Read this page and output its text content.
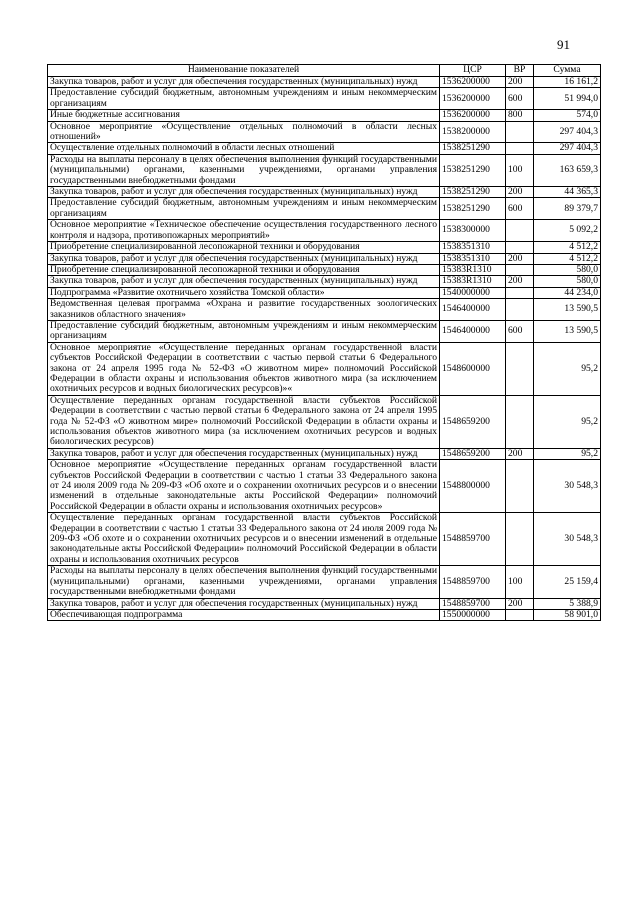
91
Наименование показателей	ЦСР	ВР	Сумма
Закупка товаров, работ и услуг для обеспечения государственных (муниципальных) нужд	1536200000	200	16 161,2
Предоставление субсидий бюджетным, автономным учреждениям и иным некоммерческим организациям	1536200000	600	51 994,0
Иные бюджетные ассигнования	1536200000	800	574,0
Основное мероприятие «Осуществление отдельных полномочий в области лесных отношений»	1538200000		297 404,3
Осуществление отдельных полномочий в области лесных отношений	1538251290		297 404,3
Расходы на выплаты персоналу в целях обеспечения выполнения функций государственными (муниципальными) органами, казенными учреждениями, органами управления государственными внебюджетными фондами	1538251290	100	163 659,3
Закупка товаров, работ и услуг для обеспечения государственных (муниципальных) нужд	1538251290	200	44 365,3
Предоставление субсидий бюджетным, автономным учреждениям и иным некоммерческим организациям	1538251290	600	89 379,7
Основное мероприятие «Техническое обеспечение осуществления государственного лесного контроля и надзора, противопожарных мероприятий»	1538300000		5 092,2
Приобретение специализированной лесопожарной техники и оборудования	1538351310		4 512,2
Закупка товаров, работ и услуг для обеспечения государственных (муниципальных) нужд	1538351310	200	4 512,2
Приобретение специализированной лесопожарной техники и оборудования	15383R1310		580,0
Закупка товаров, работ и услуг для обеспечения государственных (муниципальных) нужд	15383R1310	200	580,0
Подпрограмма «Развитие охотничьего хозяйства Томской области»	1540000000		44 234,0
Ведомственная целевая программа «Охрана и развитие государственных зоологических заказников областного значения»	1546400000		13 590,5
Предоставление субсидий бюджетным, автономным учреждениям и иным некоммерческим организациям	1546400000	600	13 590,5
Основное мероприятие «Осуществление переданных органам государственной власти субъектов Российской Федерации в соответствии с частью первой статьи 6 Федерального закона от 24 апреля 1995 года № 52-ФЗ «О животном мире» полномочий Российской Федерации в области охраны и использования объектов животного мира (за исключением охотничьих ресурсов и водных биологических ресурсов)»«	1548600000		95,2
Осуществление переданных органам государственной власти субъектов Российской Федерации в соответствии с частью первой статьи 6 Федерального закона от 24 апреля 1995 года № 52-ФЗ «О животном мире» полномочий Российской Федерации в области охраны и использования объектов животного мира (за исключением охотничьих ресурсов и водных биологических ресурсов)	1548659200		95,2
Закупка товаров, работ и услуг для обеспечения государственных (муниципальных) нужд	1548659200	200	95,2
Основное мероприятие «Осуществление переданных органам государственной власти субъектов Российской Федерации в соответствии с частью 1 статьи 33 Федерального закона от 24 июля 2009 года № 209-ФЗ «Об охоте и о сохранении охотничьих ресурсов и о внесении изменений в отдельные законодательные акты Российской Федерации» полномочий Российской Федерации в области охраны и использования охотничьих ресурсов»	1548800000		30 548,3
Осуществление переданных органам государственной власти субъектов Российской Федерации в соответствии с частью 1 статьи 33 Федерального закона от 24 июля 2009 года № 209-ФЗ «Об охоте и о сохранении охотничьих ресурсов и о внесении изменений в отдельные законодательные акты Российской Федерации» полномочий Российской Федерации в области охраны и использования охотничьих ресурсов	1548859700		30 548,3
Расходы на выплаты персоналу в целях обеспечения выполнения функций государственными (муниципальными) органами, казенными учреждениями, органами управления государственными внебюджетными фондами	1548859700	100	25 159,4
Закупка товаров, работ и услуг для обеспечения государственных (муниципальных) нужд	1548859700	200	5 388,9
Обеспечивающая подпрограмма	1550000000		58 901,0
